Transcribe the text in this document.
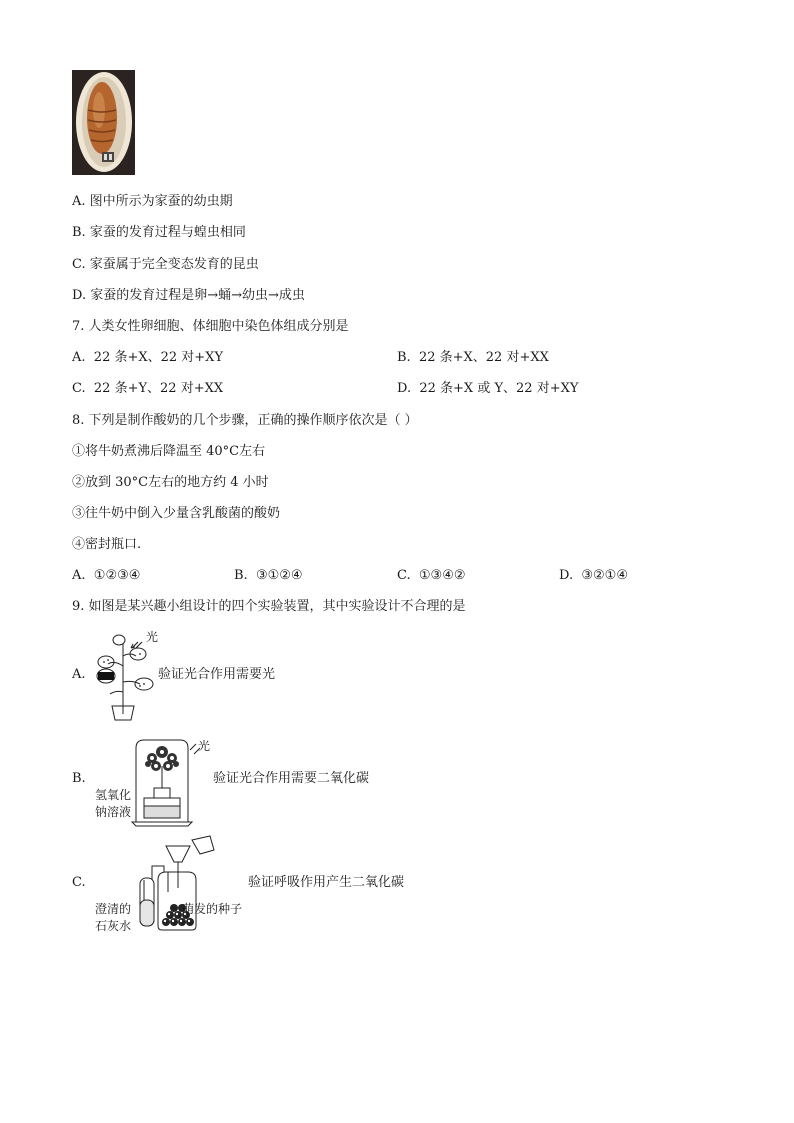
A. 图中所示为家蚕的幼虫期
B. 家蚕的发育过程与蝗虫相同
C. 家蚕属于完全变态发育的昆虫
D. 家蚕的发育过程是卵→蛹→幼虫→成虫
7. 人类女性卵细胞、体细胞中染色体组成分别是
A. 22 条+X、22 对+XY	B. 22 条+X、22 对+XX
C. 22 条+Y、22 对+XX	D. 22 条+X 或 Y、22 对+XY
8. 下列是制作酸奶的几个步骤，正确的操作顺序依次是（ ）
①将牛奶煮沸后降温至 40°C左右
②放到 30°C左右的地方约 4 小时
③往牛奶中倒入少量含乳酸菌的酸奶
④密封瓶口.
A. ①②③④	B. ③①②④	C. ①③④②	D. ③②①④
9. 如图是某兴趣小组设计的四个实验装置，其中实验设计不合理的是
A.
光
验证光合作用需要光
B.
光
氢氧化
钠溶液
验证光合作用需要二氧化碳
C.
澄清的
石灰水
萌发的种子
验证呼吸作用产生二氧化碳
